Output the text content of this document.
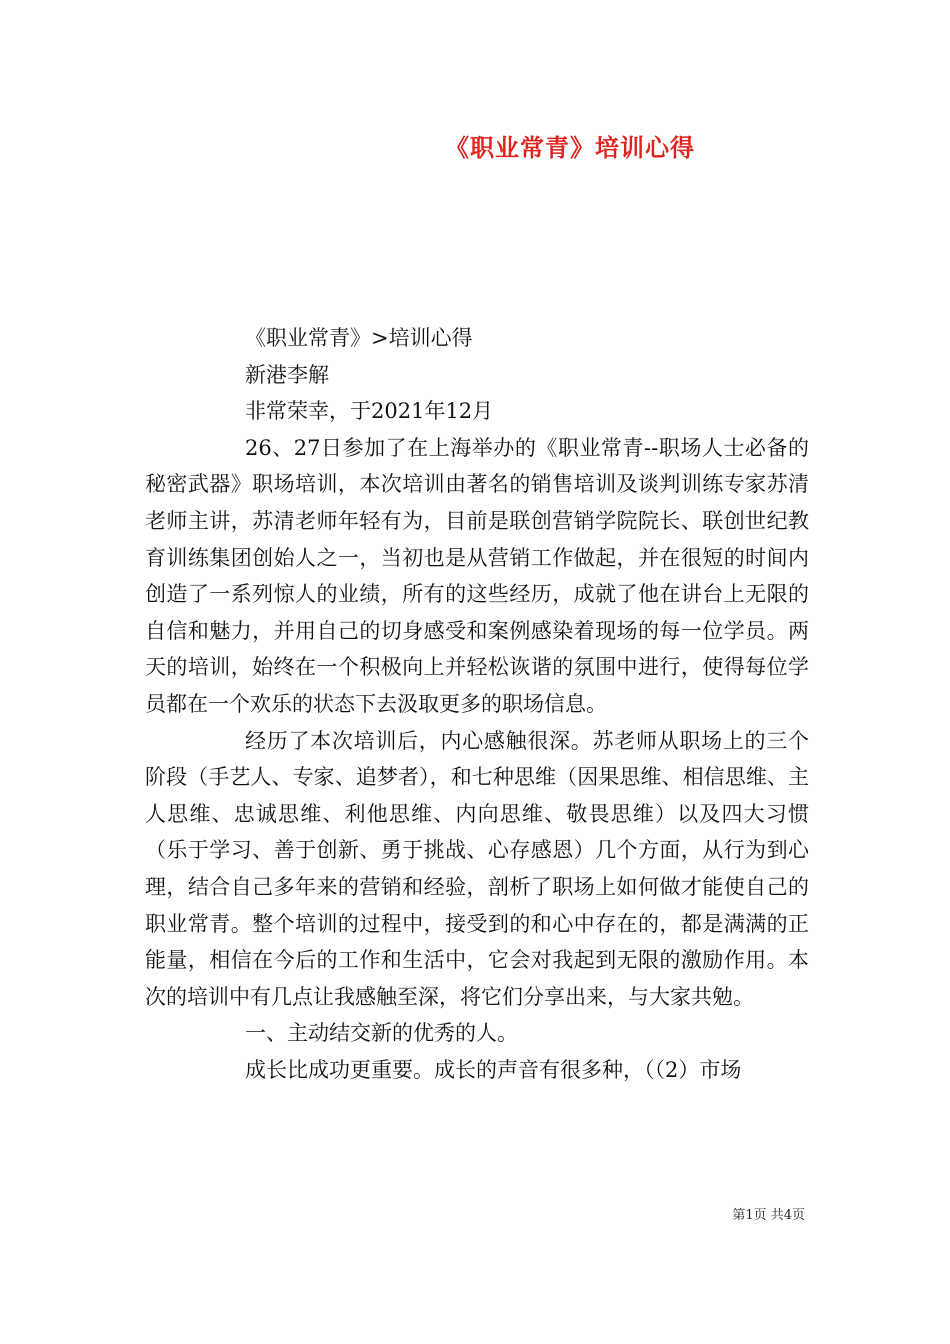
《职业常青》培训心得

《职业常青》>培训心得

新港李解

非常荣幸，于2021年12月

26、27日参加了在上海举办的《职业常青--职场人士必备的秘密武器》职场培训，本次培训由著名的销售培训及谈判训练专家苏清老师主讲，苏清老师年轻有为，目前是联创营销学院院长、联创世纪教育训练集团创始人之一，当初也是从营销工作做起，并在很短的时间内创造了一系列惊人的业绩，所有的这些经历，成就了他在讲台上无限的自信和魅力，并用自己的切身感受和案例感染着现场的每一位学员。两天的培训，始终在一个积极向上并轻松诙谐的氛围中进行，使得每位学员都在一个欢乐的状态下去汲取更多的职场信息。

经历了本次培训后，内心感触很深。苏老师从职场上的三个阶段（手艺人、专家、追梦者），和七种思维（因果思维、相信思维、主人思维、忠诚思维、利他思维、内向思维、敬畏思维）以及四大习惯（乐于学习、善于创新、勇于挑战、心存感恩）几个方面，从行为到心理，结合自己多年来的营销和经验，剖析了职场上如何做才能使自己的职业常青。整个培训的过程中，接受到的和心中存在的，都是满满的正能量，相信在今后的工作和生活中，它会对我起到无限的激励作用。本次的培训中有几点让我感触至深，将它们分享出来，与大家共勉。

一、主动结交新的优秀的人。

成长比成功更重要。成长的声音有很多种，（（2）市场

第1页 共4页
